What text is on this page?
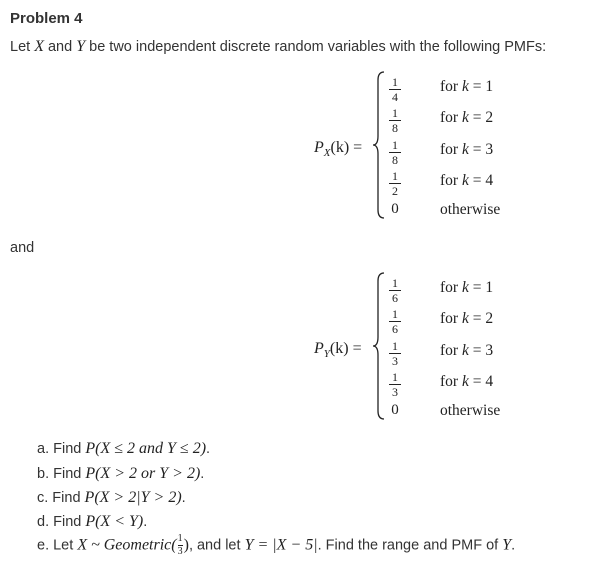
Problem 4
Let X and Y be two independent discrete random variables with the following PMFs:
$P_X(k)$ =
1
4
1
8
1
8
1
2
0
for k = 1
for k = 2
for k = 3
for k = 4
otherwise
and
$P_Y(k)$ =
1
6
1
6
1
3
1
3
0
for k = 1
for k = 2
for k = 3
for k = 4
otherwise
a. Find P(X ≤ 2 and Y ≤ 2).
b. Find P(X > 2 or Y > 2).
c. Find P(X > 2|Y > 2).
d. Find P(X < Y).
e. Let X ~ Geometric( $\frac{1}{3}$ ), and let Y = |X − 5|. Find the range and PMF of Y.
